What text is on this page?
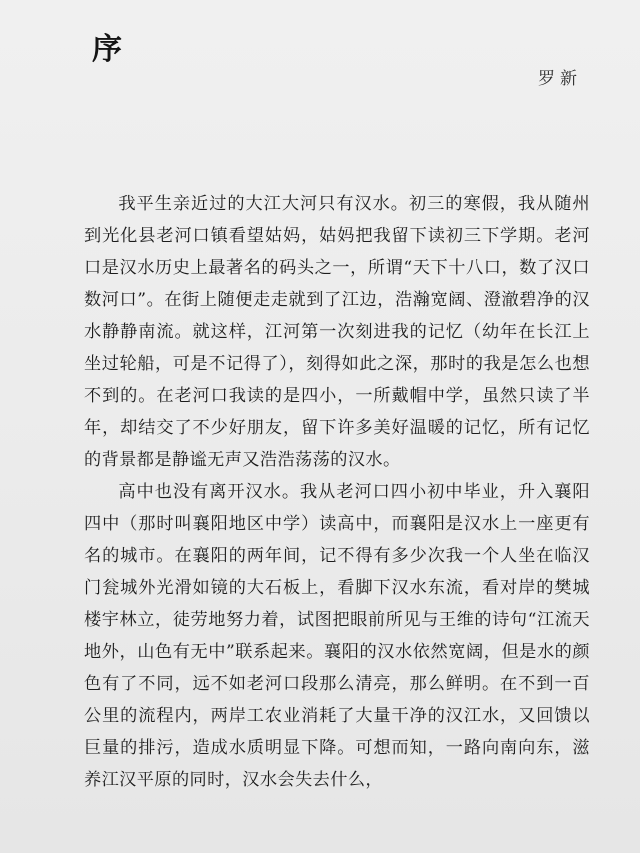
序
罗新

我平生亲近过的大江大河只有汉水。初三的寒假，我从随州到光化县老河口镇看望姑妈，姑妈把我留下读初三下学期。老河口是汉水历史上最著名的码头之一，所谓“天下十八口，数了汉口数河口”。在街上随便走走就到了江边，浩瀚宽阔、澄澈碧净的汉水静静南流。就这样，江河第一次刻进我的记忆（幼年在长江上坐过轮船，可是不记得了），刻得如此之深，那时的我是怎么也想不到的。在老河口我读的是四小，一所戴帽中学，虽然只读了半年，却结交了不少好朋友，留下许多美好温暖的记忆，所有记忆的背景都是静谧无声又浩浩荡荡的汉水。

高中也没有离开汉水。我从老河口四小初中毕业，升入襄阳四中（那时叫襄阳地区中学）读高中，而襄阳是汉水上一座更有名的城市。在襄阳的两年间，记不得有多少次我一个人坐在临汉门瓮城外光滑如镜的大石板上，看脚下汉水东流，看对岸的樊城楼宇林立，徒劳地努力着，试图把眼前所见与王维的诗句“江流天地外，山色有无中”联系起来。襄阳的汉水依然宽阔，但是水的颜色有了不同，远不如老河口段那么清亮，那么鲜明。在不到一百公里的流程内，两岸工农业消耗了大量干净的汉江水，又回馈以巨量的排污，造成水质明显下降。可想而知，一路向南向东，滋养江汉平原的同时，汉水会失去什么，
